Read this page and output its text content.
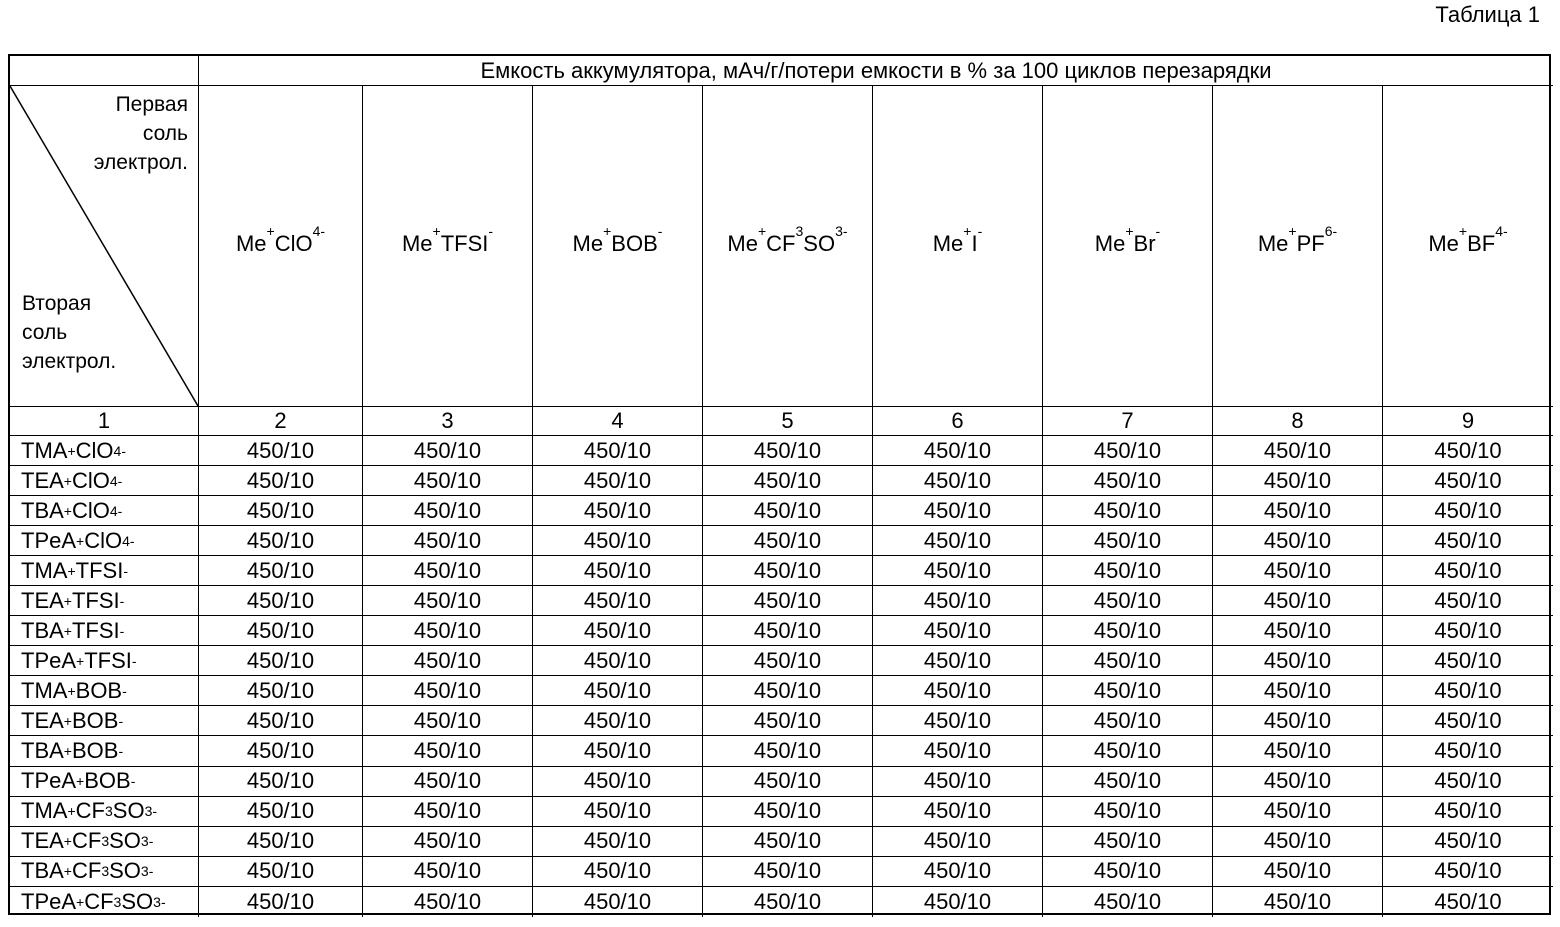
Таблица 1
Емкость аккумулятора, мАч/г/потери емкости в % за 100 циклов перезарядки
Первая
соль
электрол.
Вторая
соль
электрол.
Me + ClO 4 -	Me + TFSI -	Me + BOB -	Me + CF 3 SO 3 -	Me + I -	Me + Br -	Me + PF 6 -	Me + BF 4 -
1	2	3	4	5	6	7	8	9
TMA + ClO 4 -	450/10	450/10	450/10	450/10	450/10	450/10	450/10	450/10
TEA + ClO 4 -	450/10	450/10	450/10	450/10	450/10	450/10	450/10	450/10
TBA + ClO 4 -	450/10	450/10	450/10	450/10	450/10	450/10	450/10	450/10
TPeA + ClO 4 -	450/10	450/10	450/10	450/10	450/10	450/10	450/10	450/10
TMA + TFSI -	450/10	450/10	450/10	450/10	450/10	450/10	450/10	450/10
TEA + TFSI -	450/10	450/10	450/10	450/10	450/10	450/10	450/10	450/10
TBA + TFSI -	450/10	450/10	450/10	450/10	450/10	450/10	450/10	450/10
TPeA + TFSI -	450/10	450/10	450/10	450/10	450/10	450/10	450/10	450/10
TMA + BOB -	450/10	450/10	450/10	450/10	450/10	450/10	450/10	450/10
TEA + BOB -	450/10	450/10	450/10	450/10	450/10	450/10	450/10	450/10
TBA + BOB -	450/10	450/10	450/10	450/10	450/10	450/10	450/10	450/10
TPeA + BOB -	450/10	450/10	450/10	450/10	450/10	450/10	450/10	450/10
TMA + CF 3 SO 3 -	450/10	450/10	450/10	450/10	450/10	450/10	450/10	450/10
TEA + CF 3 SO 3 -	450/10	450/10	450/10	450/10	450/10	450/10	450/10	450/10
TBA + CF 3 SO 3 -	450/10	450/10	450/10	450/10	450/10	450/10	450/10	450/10
TPeA + CF 3 SO 3 -	450/10	450/10	450/10	450/10	450/10	450/10	450/10	450/10
